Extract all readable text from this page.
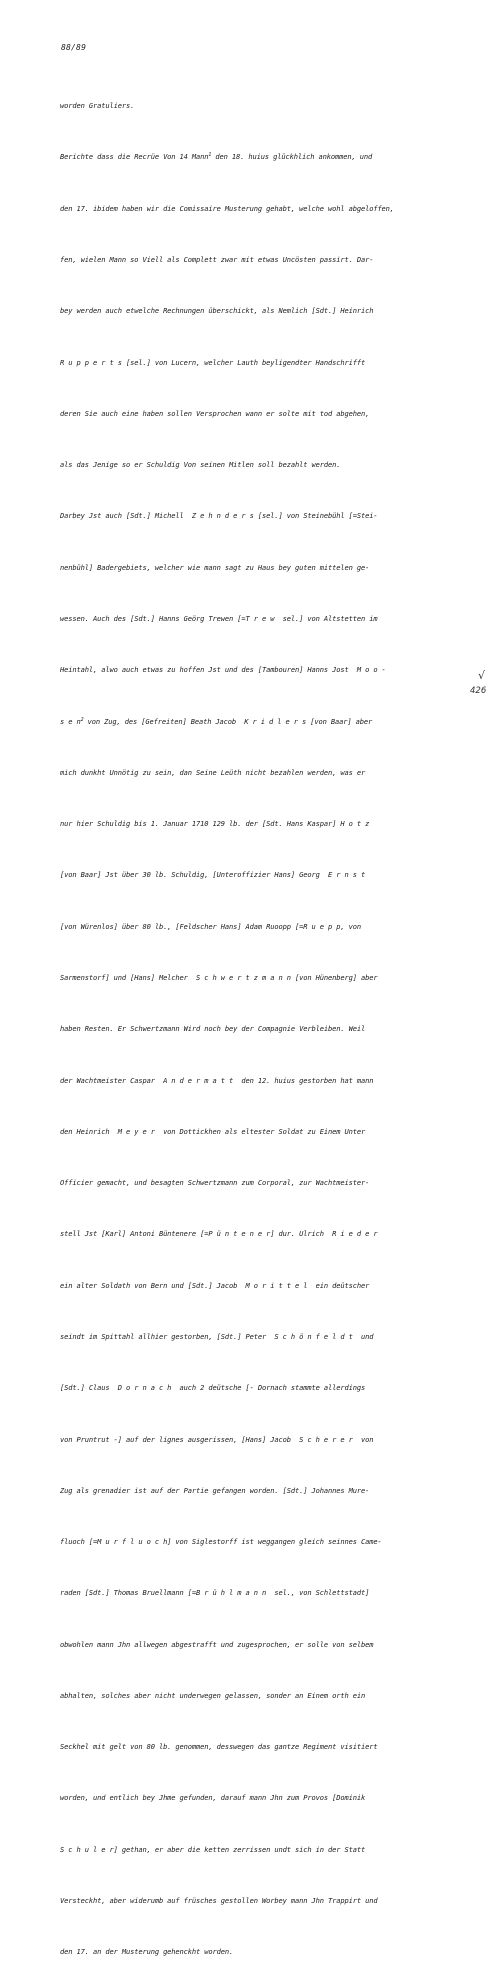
88/89

worden Gratuliers.

Berichte dass die Recrüe Von 14 Mann$^1$ den 18. huius glückhlich ankommen, und

den 17. ibidem haben wir die Comissaire Musterung gehabt, welche wohl abgeloffen,

fen, wielen Mann so Viell als Complett zwar mit etwas Uncösten passirt. Dar-

bey werden auch etwelche Rechnungen überschickt, als Nemlich [Sdt.] Heinrich

R u p p e r t s [sel.] von Lucern, welcher Lauth beyligendter Handschrifft

deren Sie auch eine haben sollen Versprochen wann er solte mit tod abgehen,

als das Jenige so er Schuldig Von seinen Mitlen soll bezahlt werden.

Darbey Jst auch [Sdt.] Michell  Z e h n d e r s [sel.] von Steinebühl [=Stei-

nenbühl] Badergebiets, welcher wie mann sagt zu Haus bey guten mittelen ge-

wessen. Auch des [Sdt.] Hanns Geörg Trewen [=T r e w  sel.] von Altstetten im

Heintahl, alwo auch etwas zu hoffen Jst und des [Tambouren] Hanns Jost  M o o -

s e $n^2$ von Zug, des [Gefreiten] Beath Jacob  K r i d l e r s [von Baar] aber

mich dunkht Unnötig zu sein, dan Seine Leüth nicht bezahlen werden, was er

nur hier Schuldig bis 1. Januar 1710 129 lb. der [Sdt. Hans Kaspar] H o t z

[von Baar] Jst über 30 lb. Schuldig, [Unteroffizier Hans] Georg  E r n s t

[von Würenlos] über 80 lb., [Feldscher Hans] Adam Ruoopp [=R u e p p, von

Sarmenstorf] und [Hans] Melcher  S c h w e r t z m a n n [von Hünenberg] aber

haben Resten. Er Schwertzmann Wird noch bey der Compagnie Verbleiben. Weil

der Wachtmeister Caspar  A n d e r m a t t  den 12. huius gestorben hat mann

den Heinrich  M e y e r  von Dottickhen als eltester Soldat zu Einem Unter

Officier gemacht, und besagten Schwertzmann zum Corporal, zur Wachtmeister-

stell Jst [Karl] Antoni Büntenere [=P ü n t e n e r] dur. Ulrich  R i e d e r

ein alter Soldath von Bern und [Sdt.] Jacob  M o r i t t e l  ein deütscher

seindt im Spittahl allhier gestorben, [Sdt.] Peter  S c h ö n f e l d t  und

[Sdt.] Claus  D o r n a c h  auch 2 deütsche [- Dornach stammte allerdings

von Pruntrut -] auf der lignes ausgerissen, [Hans] Jacob  S c h e r e r  von

Zug als grenadier ist auf der Partie gefangen worden. [Sdt.] Johannes Mure-

fluoch [=M u r f l u o c h] von Siglestorff ist weggangen gleich seinnes Came-

raden [Sdt.] Thomas Bruellmann [=B r ü h l m a n n  sel., von Schlettstadt]

obwohlen mann Jhn allwegen abgestrafft und zugesprochen, er solle von selbem

abhalten, solches aber nicht underwegen gelassen, sonder an Einem orth ein

Seckhel mit gelt von 80 lb. genommen, desswegen das gantze Regiment visitiert

worden, und entlich bey Jhme gefunden, darauf mann Jhn zum Provos [Dominik

S c h u l e r] gethan, er aber die ketten zerrissen undt sich in der Statt

Versteckht, aber widerumb auf früsches gestollen Worbey mann Jhn Trappirt und

den 17. an der Musterung gehenckht worden.

√
426
